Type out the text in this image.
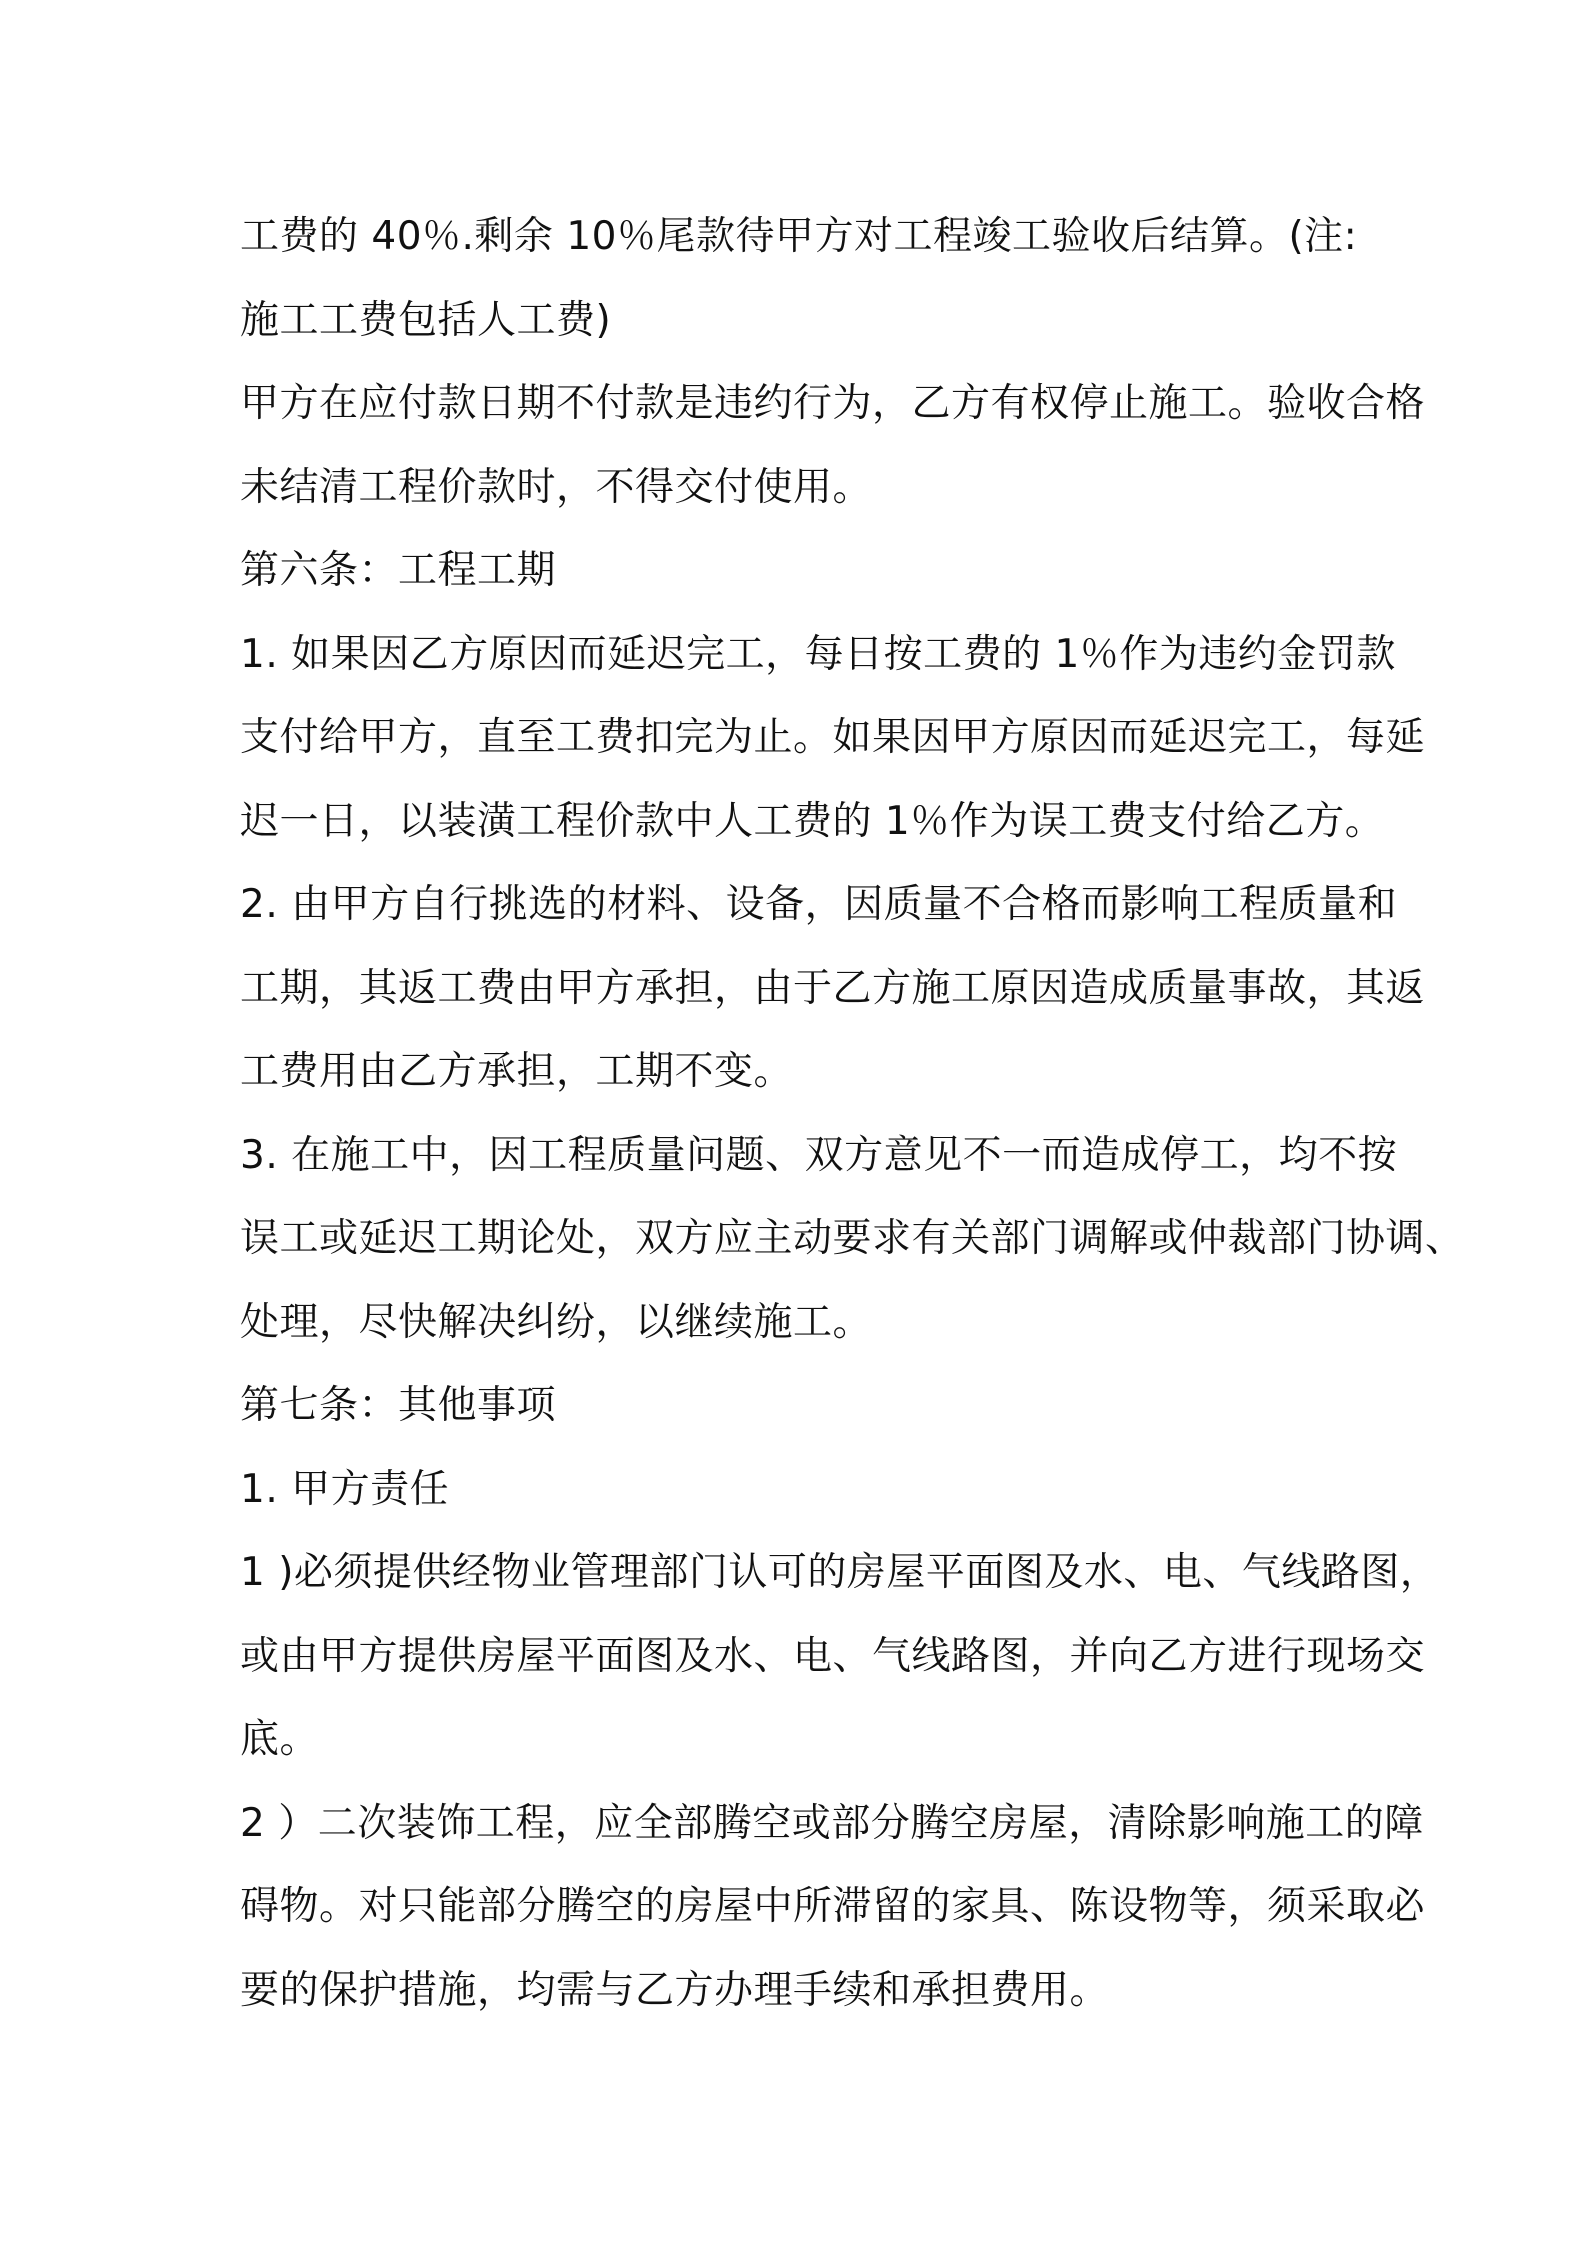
工费的 40％.剩余 10％尾款待甲方对工程竣工验收后结算。(注:
施工工费包括人工费)
甲方在应付款日期不付款是违约行为，乙方有权停止施工。验收合格
未结清工程价款时，不得交付使用。
第六条：工程工期
1. 如果因乙方原因而延迟完工，每日按工费的 1％作为违约金罚款
支付给甲方，直至工费扣完为止。如果因甲方原因而延迟完工，每延
迟一日，以装潢工程价款中人工费的 1％作为误工费支付给乙方。
2. 由甲方自行挑选的材料、设备，因质量不合格而影响工程质量和
工期，其返工费由甲方承担，由于乙方施工原因造成质量事故，其返
工费用由乙方承担，工期不变。
3. 在施工中，因工程质量问题、双方意见不一而造成停工，均不按
误工或延迟工期论处，双方应主动要求有关部门调解或仲裁部门协调、
处理，尽快解决纠纷，以继续施工。
第七条：其他事项
1. 甲方责任
1 )必须提供经物业管理部门认可的房屋平面图及水、电、气线路图，
或由甲方提供房屋平面图及水、电、气线路图，并向乙方进行现场交
底。
2 ）二次装饰工程，应全部腾空或部分腾空房屋，清除影响施工的障
碍物。对只能部分腾空的房屋中所滞留的家具、陈设物等，须采取必
要的保护措施，均需与乙方办理手续和承担费用。
